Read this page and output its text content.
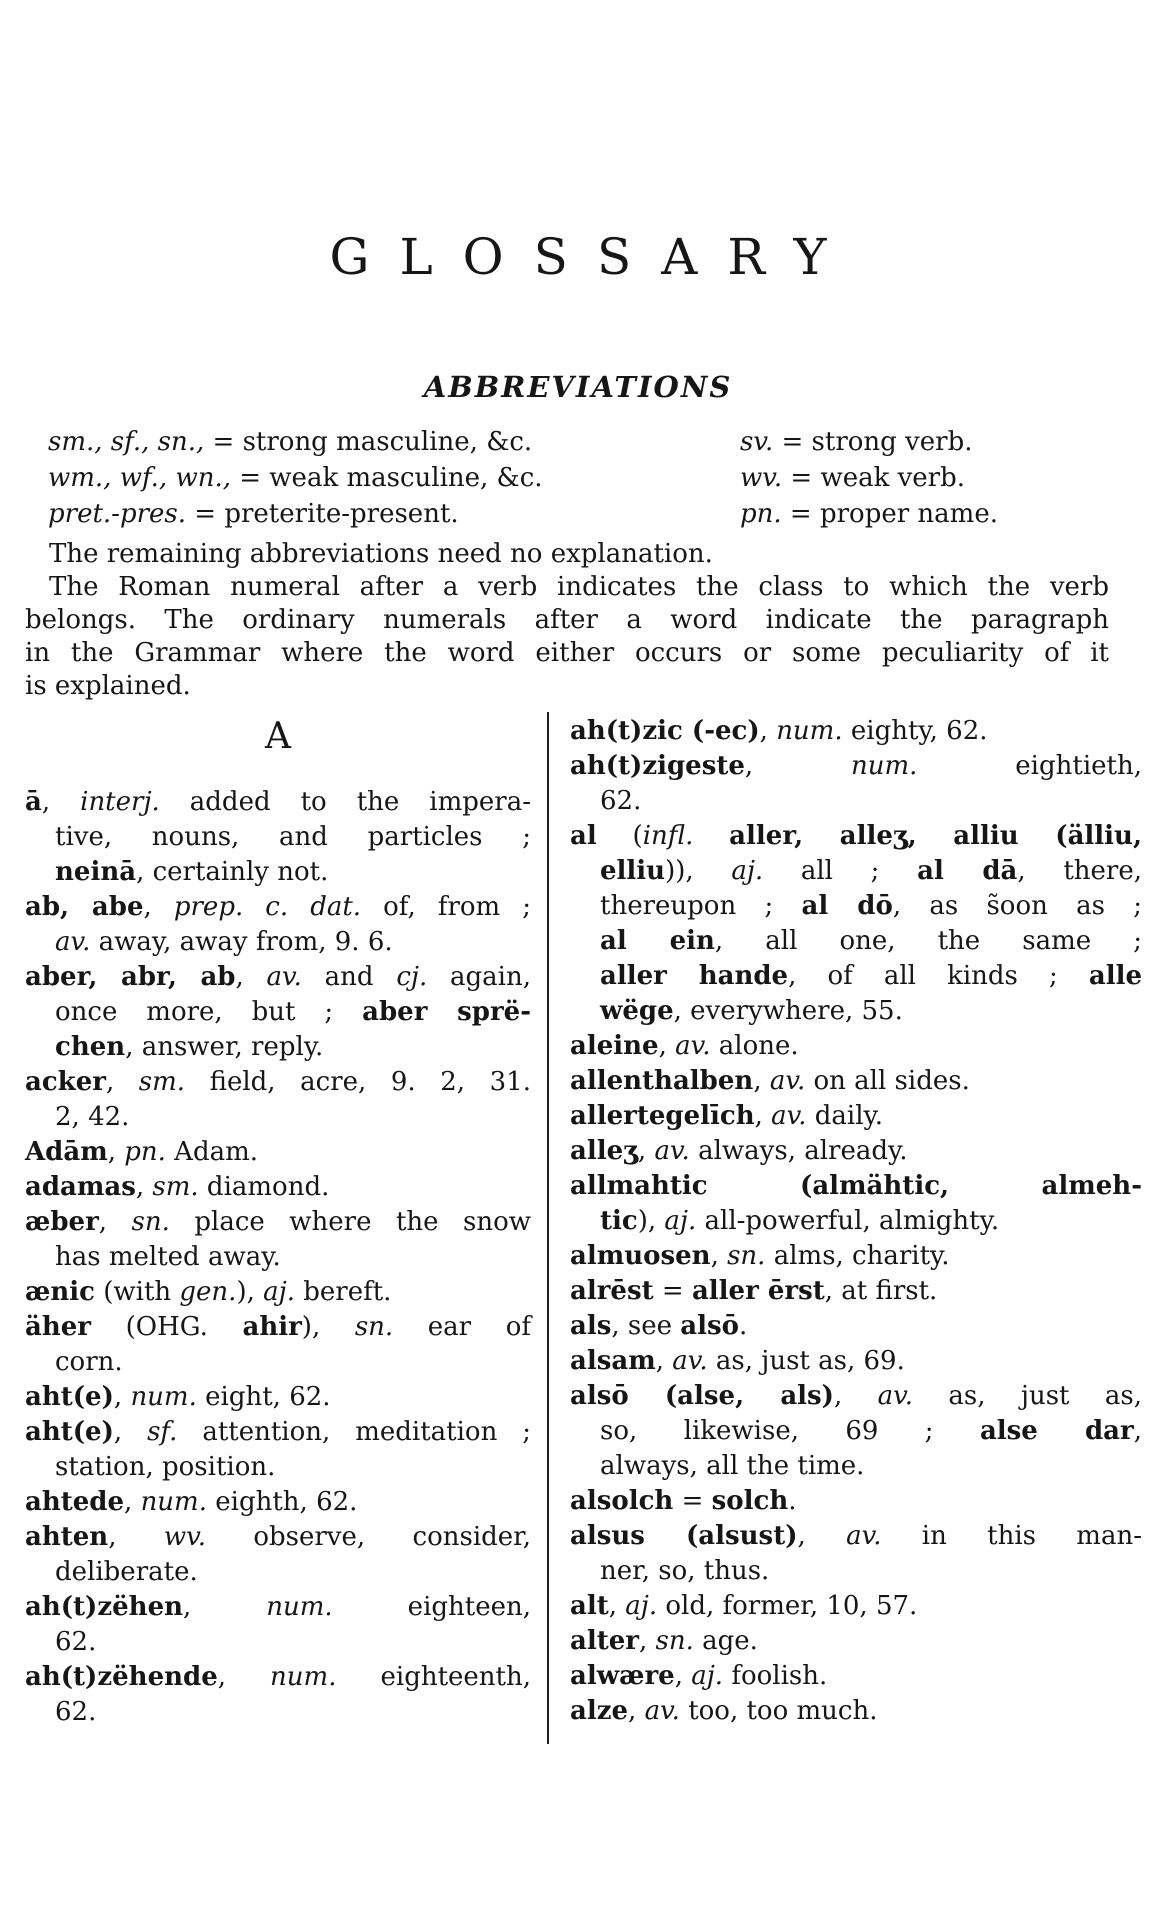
GLOSSARY
ABBREVIATIONS
sm., sf., sn., = strong masculine, &c.	sv. = strong verb.
wm., wf., wn., = weak masculine, &c.	wv. = weak verb.
pret.-pres. = preterite-present.	pn. = proper name.
The remaining abbreviations need no explanation.
The Roman numeral after a verb indicates the class to which the verb
belongs. The ordinary numerals after a word indicate the paragraph
in the Grammar where the word either occurs or some peculiarity of it
is explained.
A
ā, interj. added to the impera-
tive, nouns, and particles ;
neinā, certainly not.
ab, abe, prep. c. dat. of, from ;
av. away, away from, 9. 6.
aber, abr, ab, av. and cj. again,
once more, but ; aber sprë-
chen, answer, reply.
acker, sm. field, acre, 9. 2, 31.
2, 42.
Adām, pn. Adam.
adamas, sm. diamond.
æber, sn. place where the snow
has melted away.
ænic (with gen.), aj. bereft.
äher (OHG. ahir), sn. ear of
corn.
aht(e), num. eight, 62.
aht(e), sf. attention, meditation ;
station, position.
ahtede, num. eighth, 62.
ahten, wv. observe, consider,
deliberate.
ah(t)zëhen, num. eighteen,
62.
ah(t)zëhende, num. eighteenth,
62.
ah(t)zic (-ec), num. eighty, 62.
ah(t)zigeste, num. eightieth,
62.
al (infl. aller, alleʒ, alliu (älliu,
elliu)), aj. all ; al dā, there,
thereupon ; al dō, as s̃oon as ;
al ein, all one, the same ;
aller hande, of all kinds ; alle
wëge, everywhere, 55.
aleine, av. alone.
allenthalben, av. on all sides.
allertegelīch, av. daily.
alleʒ, av. always, already.
allmahtic (almähtic, almeh-
tic), aj. all-powerful, almighty.
almuosen, sn. alms, charity.
alrēst = aller ērst, at first.
als, see alsō.
alsam, av. as, just as, 69.
alsō (alse, als), av. as, just as,
so, likewise, 69 ; alse dar,
always, all the time.
alsolch = solch.
alsus (alsust), av. in this man-
ner, so, thus.
alt, aj. old, former, 10, 57.
alter, sn. age.
alwære, aj. foolish.
alze, av. too, too much.
